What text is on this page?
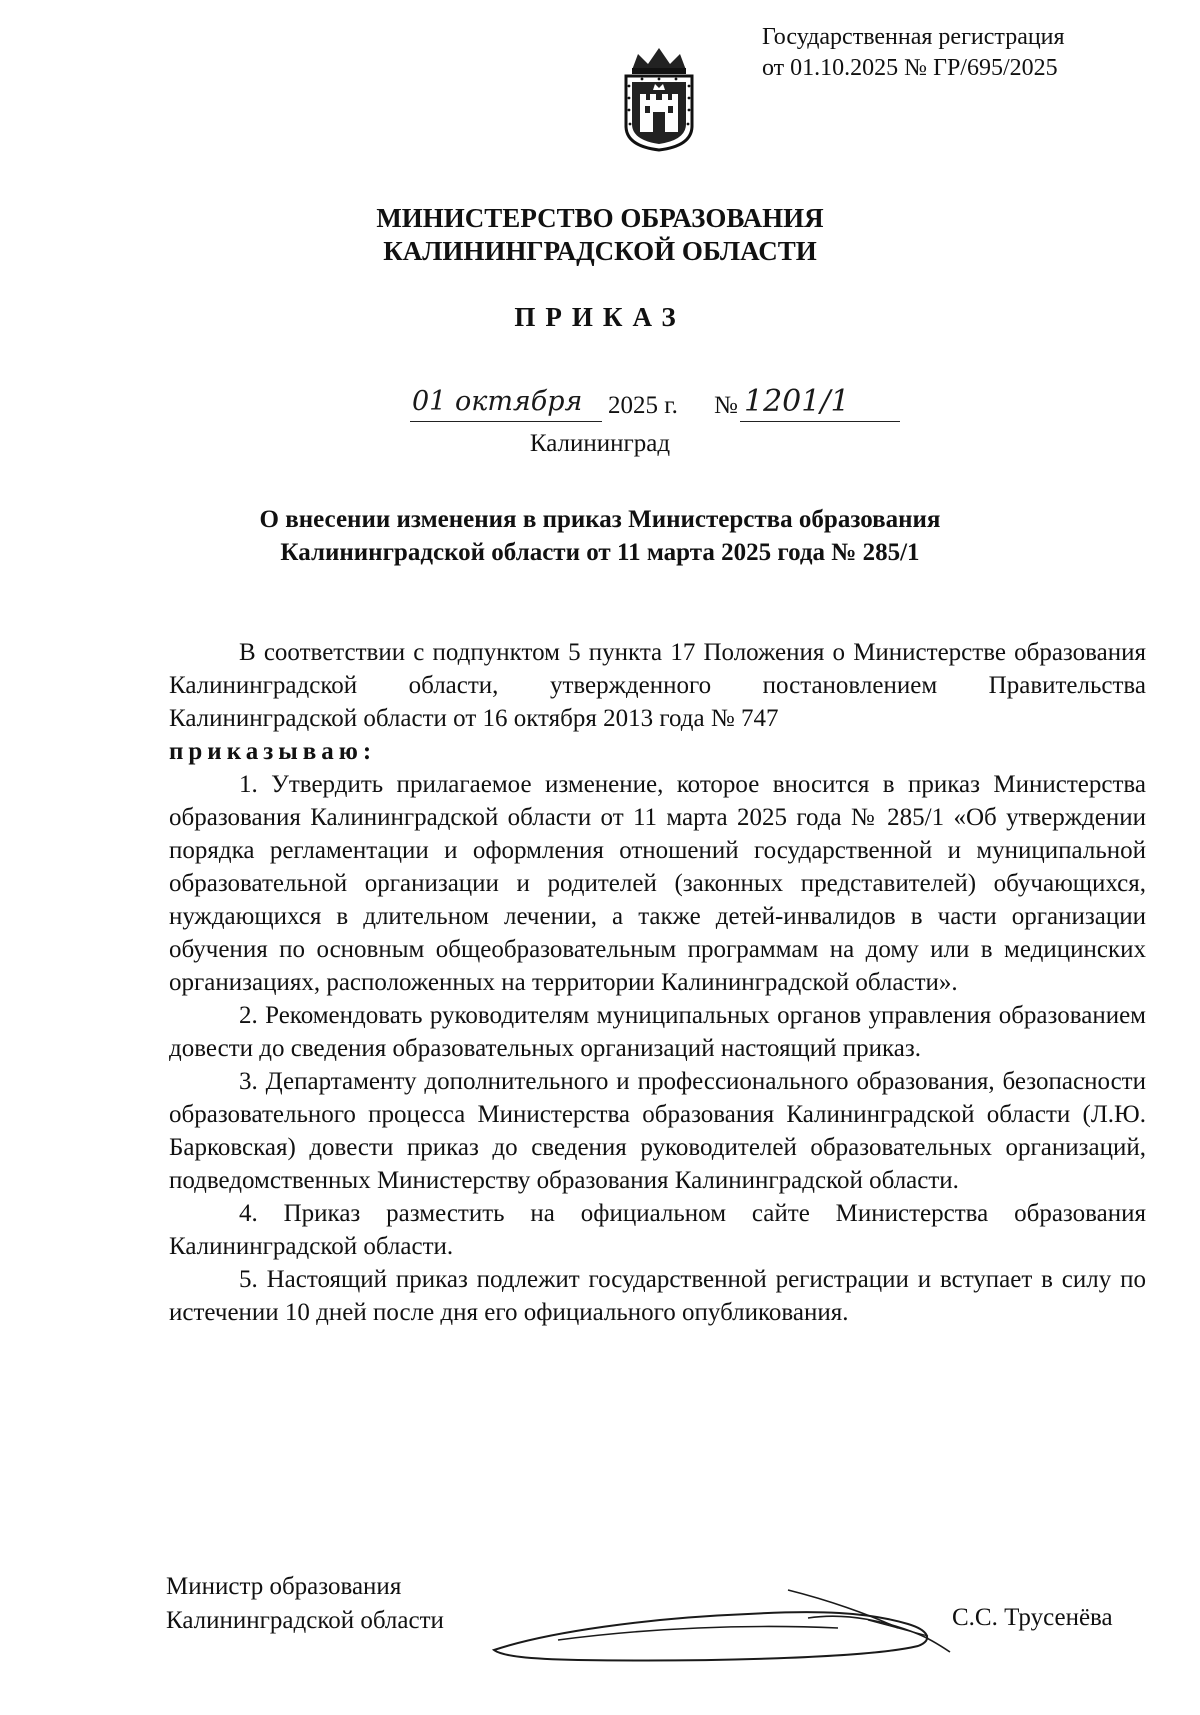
Государственная регистрация
от 01.10.2025 № ГР/695/2025
МИНИСТЕРСТВО ОБРАЗОВАНИЯ
КАЛИНИНГРАДСКОЙ ОБЛАСТИ
ПРИКАЗ
01 октября 2025 г. № 1201/1
Калининград
О внесении изменения в приказ Министерства образования
Калининградской области от 11 марта 2025 года № 285/1

В соответствии с подпунктом 5 пункта 17 Положения о Министерстве образования Калининградской области, утвержденного постановлением Правительства Калининградской области от 16 октября 2013 года № 747

приказываю:

1. Утвердить прилагаемое изменение, которое вносится в приказ Министерства образования Калининградской области от 11 марта 2025 года № 285/1 «Об утверждении порядка регламентации и оформления отношений государственной и муниципальной образовательной организации и родителей (законных представителей) обучающихся, нуждающихся в длительном лечении, а также детей-инвалидов в части организации обучения по основным общеобразовательным программам на дому или в медицинских организациях, расположенных на территории Калининградской области».

2. Рекомендовать руководителям муниципальных органов управления образованием довести до сведения образовательных организаций настоящий приказ.

3. Департаменту дополнительного и профессионального образования, безопасности образовательного процесса Министерства образования Калининградской области (Л.Ю. Барковская) довести приказ до сведения руководителей образовательных организаций, подведомственных Министерству образования Калининградской области.

4. Приказ разместить на официальном сайте Министерства образования Калининградской области.

5. Настоящий приказ подлежит государственной регистрации и вступает в силу по истечении 10 дней после дня его официального опубликования.

Министр образования
Калининградской области	С.С. Трусенёва
